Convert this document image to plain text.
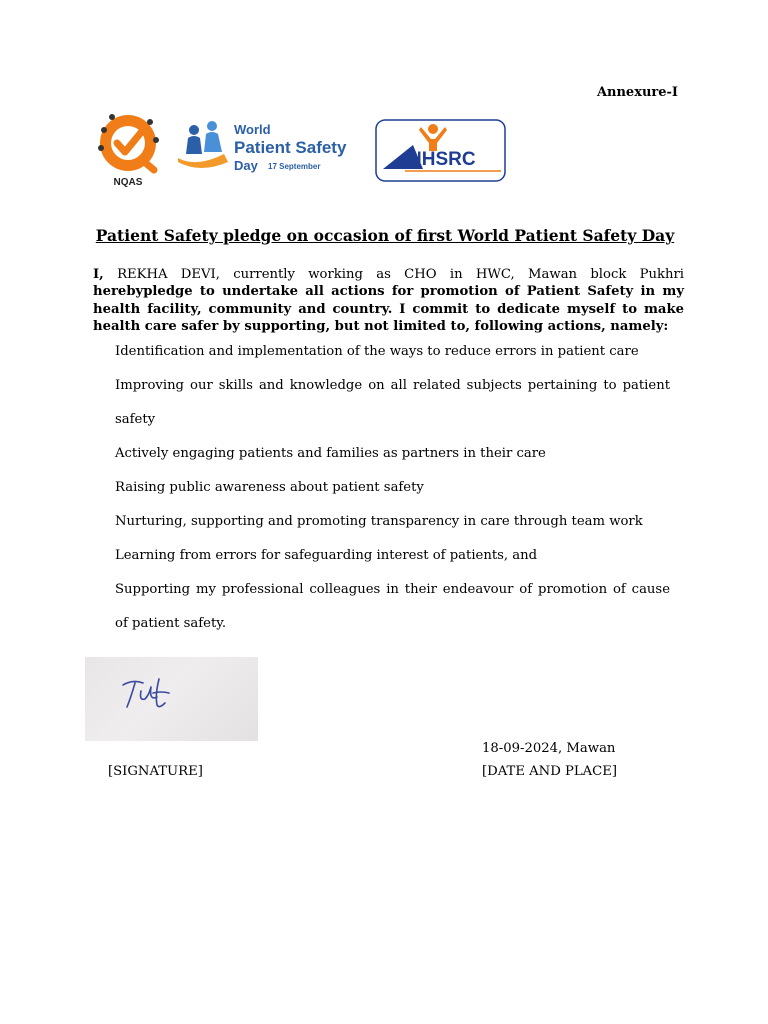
Annexure-I
NQAS
World
Patient Safety
Day 17 September	NHSRC
Patient Safety pledge on occasion of first World Patient Safety Day
I, REKHA DEVI, currently working as CHO in HWC, Mawan block Pukhri herebypledge to undertake all actions for promotion of Patient Safety in my health facility, community and country. I commit to dedicate myself to make health care safer by supporting, but not limited to, following actions, namely:
Identification and implementation of the ways to reduce errors in patient care
Improving our skills and knowledge on all related subjects pertaining to patient safety
Actively engaging patients and families as partners in their care
Raising public awareness about patient safety
Nurturing, supporting and promoting transparency in care through team work
Learning from errors for safeguarding interest of patients, and
Supporting my professional colleagues in their endeavour of promotion of cause of patient safety.
18-09-2024, Mawan
[SIGNATURE]	[DATE AND PLACE]
